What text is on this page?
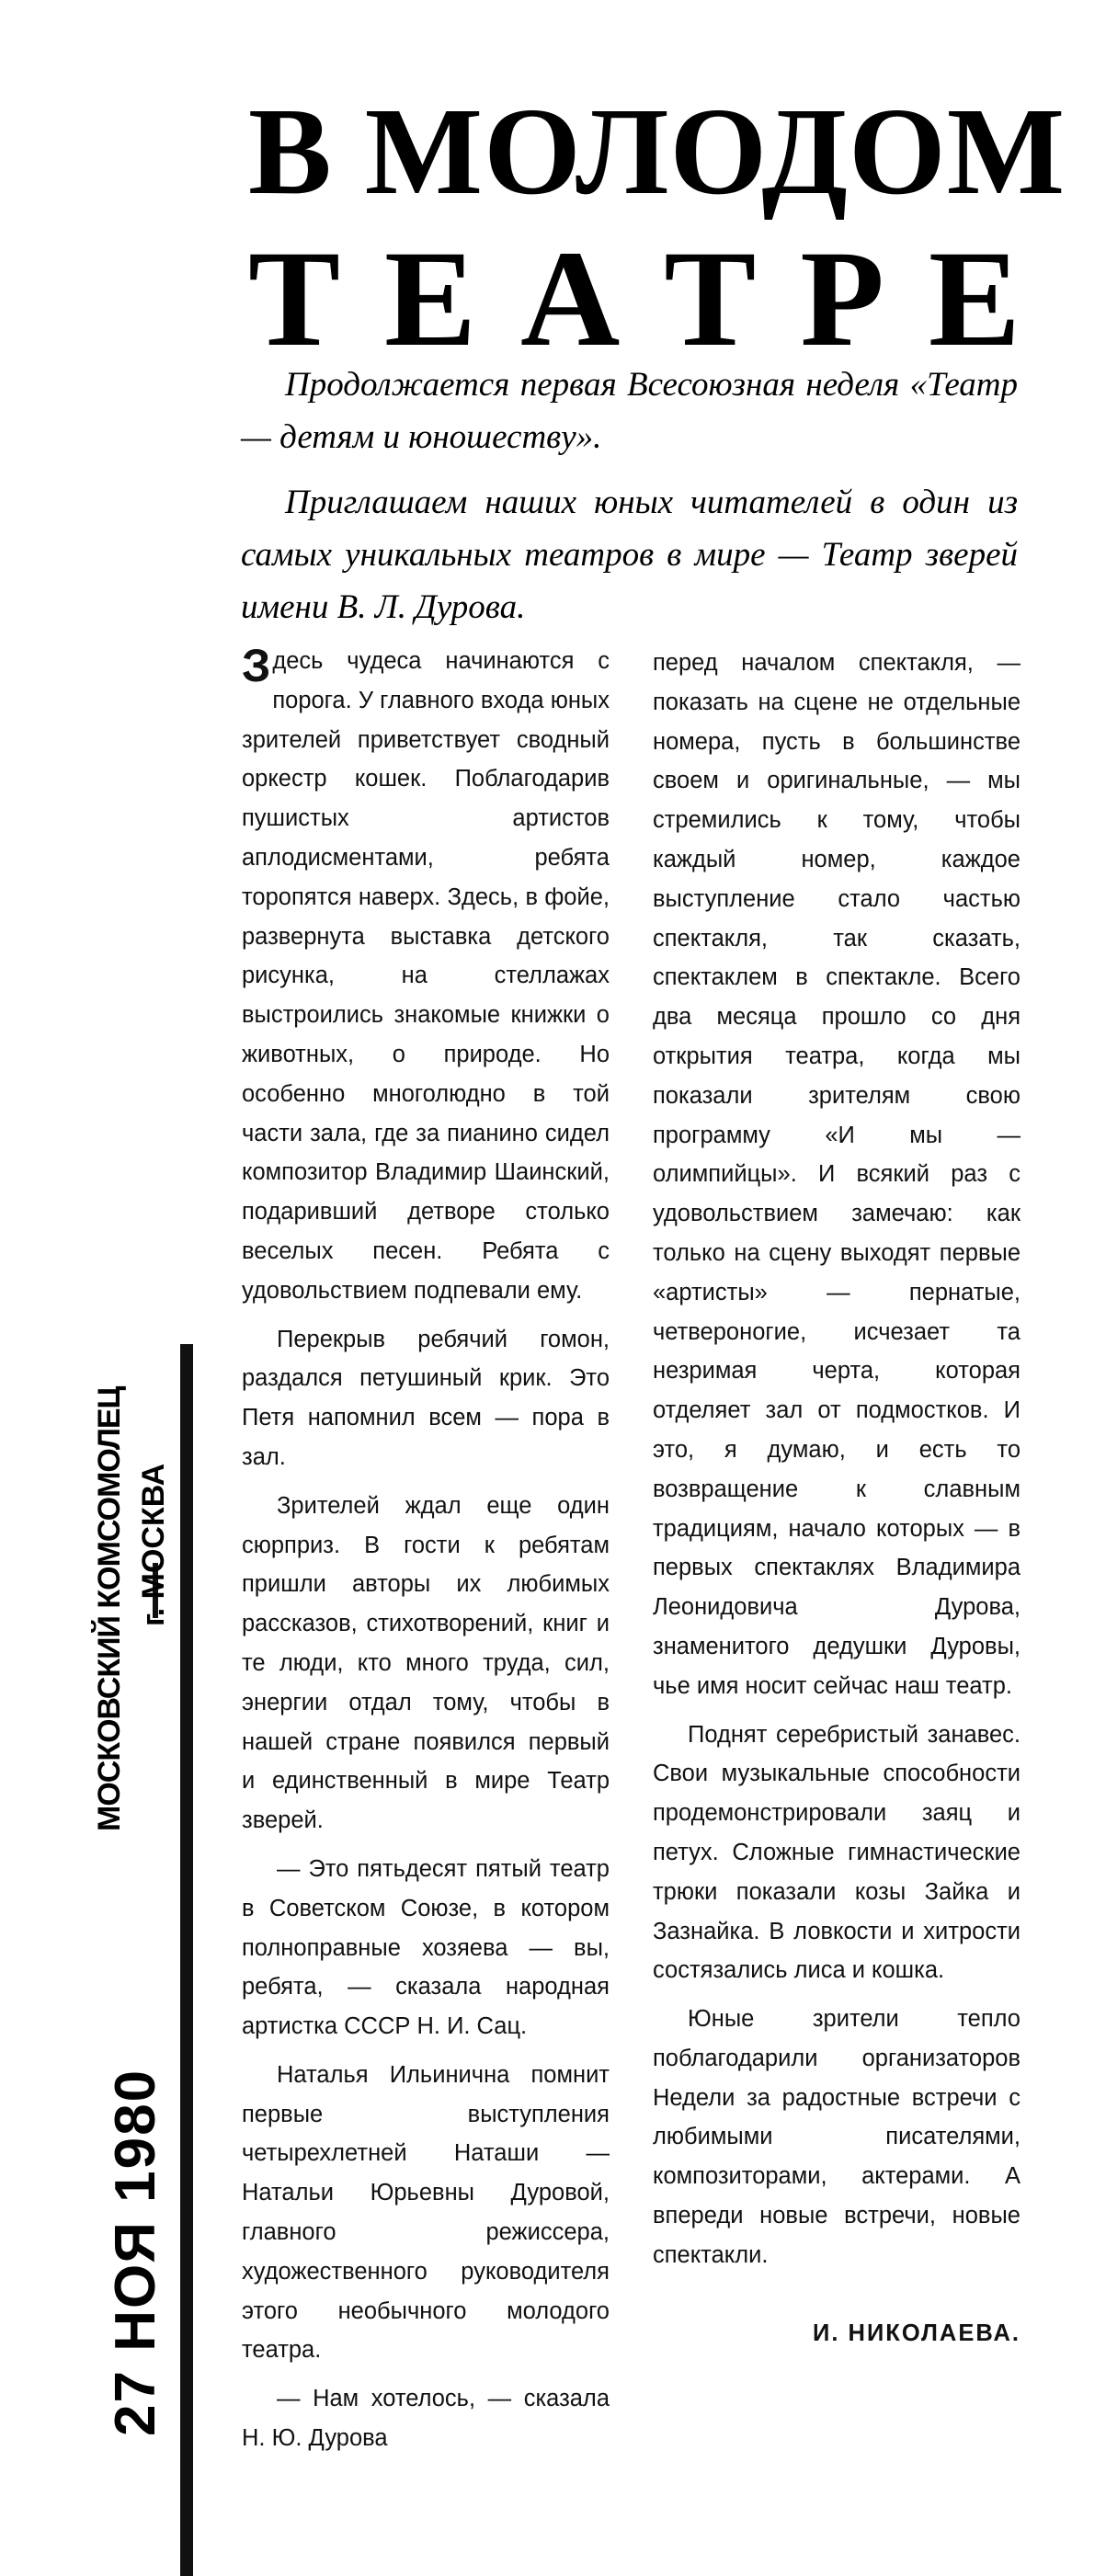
В МОЛОДОМ
Т Е А Т Р Е

Продолжается первая Всесоюзная неделя «Театр — детям и юношеству».

Приглашаем наших юных читателей в один из самых уникальных театров в мире — Театр зверей имени В. Л. Дурова.

Здесь чудеса начинаются с порога. У главного входа юных зрителей приветствует сводный оркестр кошек. Поблагодарив пушистых артистов аплодисментами, ребята торопятся наверх. Здесь, в фойе, развернута выставка детского рисунка, на стеллажах выстроились знакомые книжки о животных, о природе. Но особенно многолюдно в той части зала, где за пианино сидел композитор Владимир Шаинский, подаривший детворе столько веселых песен. Ребята с удовольствием подпевали ему.

Перекрыв ребячий гомон, раздался петушиный крик. Это Петя напомнил всем — пора в зал.

Зрителей ждал еще один сюрприз. В гости к ребятам пришли авторы их любимых рассказов, стихотворений, книг и те люди, кто много труда, сил, энергии отдал тому, чтобы в нашей стране появился первый и единственный в мире Театр зверей.

— Это пятьдесят пятый театр в Советском Союзе, в котором полноправные хозяева — вы, ребята, — сказала народная артистка СССР Н. И. Сац.

Наталья Ильинична помнит первые выступления четырехлетней Наташи — Натальи Юрьевны Дуровой, главного режиссера, художественного руководителя этого необычного молодого театра.

— Нам хотелось, — сказала Н. Ю. Дурова

перед началом спектакля, — показать на сцене не отдельные номера, пусть в большинстве своем и оригинальные, — мы стремились к тому, чтобы каждый номер, каждое выступление стало частью спектакля, так сказать, спектаклем в спектакле. Всего два месяца прошло со дня открытия театра, когда мы показали зрителям свою программу «И мы — олимпийцы». И всякий раз с удовольствием замечаю: как только на сцену выходят первые «артисты» — пернатые, четвероногие, исчезает та незримая черта, которая отделяет зал от подмостков. И это, я думаю, и есть то возвращение к славным традициям, начало которых — в первых спектаклях Владимира Леонидовича Дурова, знаменитого дедушки Дуровы, чье имя носит сейчас наш театр.

Поднят серебристый занавес. Свои музыкальные способности продемонстрировали заяц и петух. Сложные гимнастические трюки показали козы Зайка и Зазнайка. В ловкости и хитрости состязались лиса и кошка.

Юные зрители тепло поблагодарили организаторов Недели за радостные встречи с любимыми писателями, композиторами, актерами. А впереди новые встречи, новые спектакли.

И. НИКОЛАЕВА.

МОСКОВСКИЙ КОМСОМОЛЕЦ г. МОСКВА
27 НОЯ 1980
